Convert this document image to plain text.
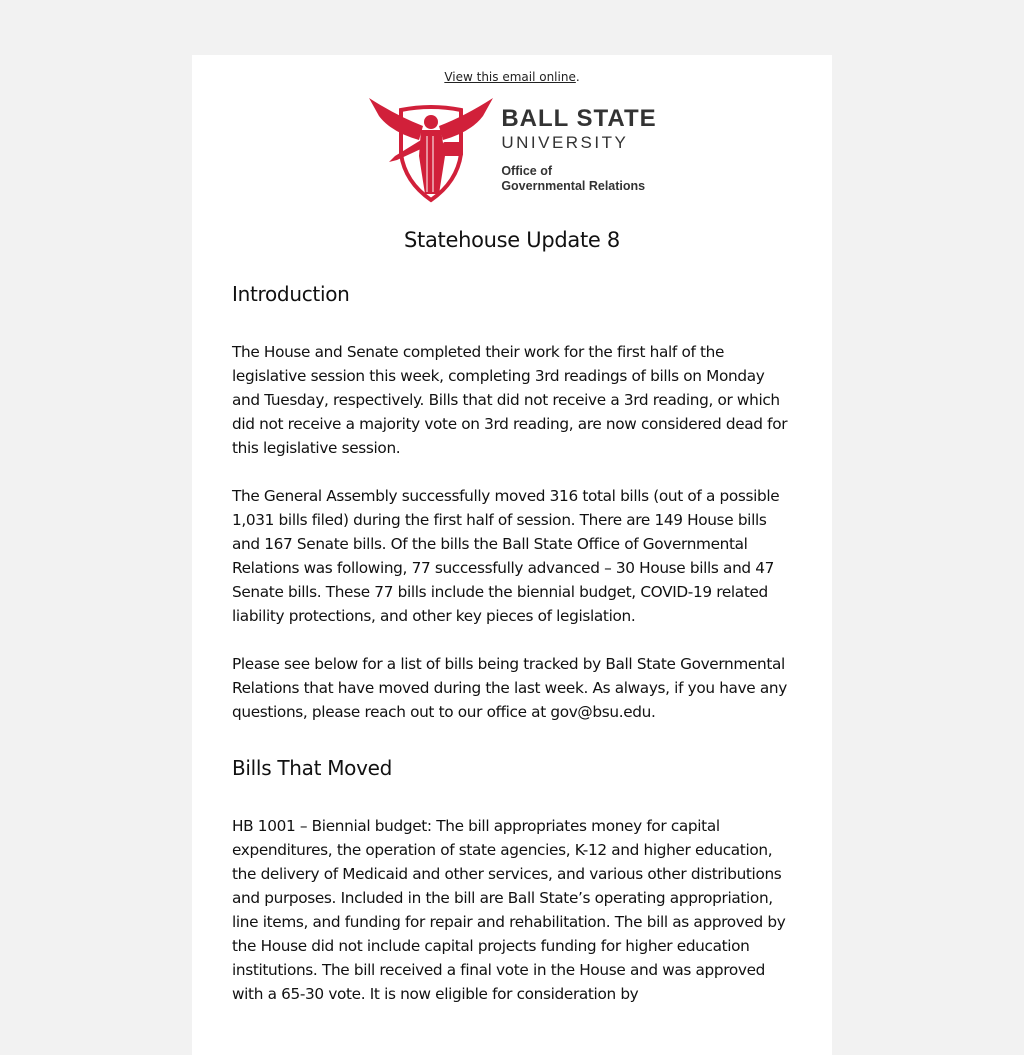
View this email online.
BALL STATE
UNIVERSITY
Office of
Governmental Relations
Statehouse Update 8
Introduction

The House and Senate completed their work for the first half of the legislative session this week, completing 3rd readings of bills on Monday and Tuesday, respectively. Bills that did not receive a 3rd reading, or which did not receive a majority vote on 3rd reading, are now considered dead for this legislative session.

The General Assembly successfully moved 316 total bills (out of a possible 1,031 bills filed) during the first half of session. There are 149 House bills and 167 Senate bills. Of the bills the Ball State Office of Governmental Relations was following, 77 successfully advanced – 30 House bills and 47 Senate bills. These 77 bills include the biennial budget, COVID-19 related liability protections, and other key pieces of legislation.

Please see below for a list of bills being tracked by Ball State Governmental Relations that have moved during the last week. As always, if you have any questions, please reach out to our office at gov@bsu.edu.

Bills That Moved

HB 1001 – Biennial budget: The bill appropriates money for capital expenditures, the operation of state agencies, K-12 and higher education, the delivery of Medicaid and other services, and various other distributions and purposes. Included in the bill are Ball State’s operating appropriation, line items, and funding for repair and rehabilitation. The bill as approved by the House did not include capital projects funding for higher education institutions. The bill received a final vote in the House and was approved with a 65-30 vote. It is now eligible for consideration by
